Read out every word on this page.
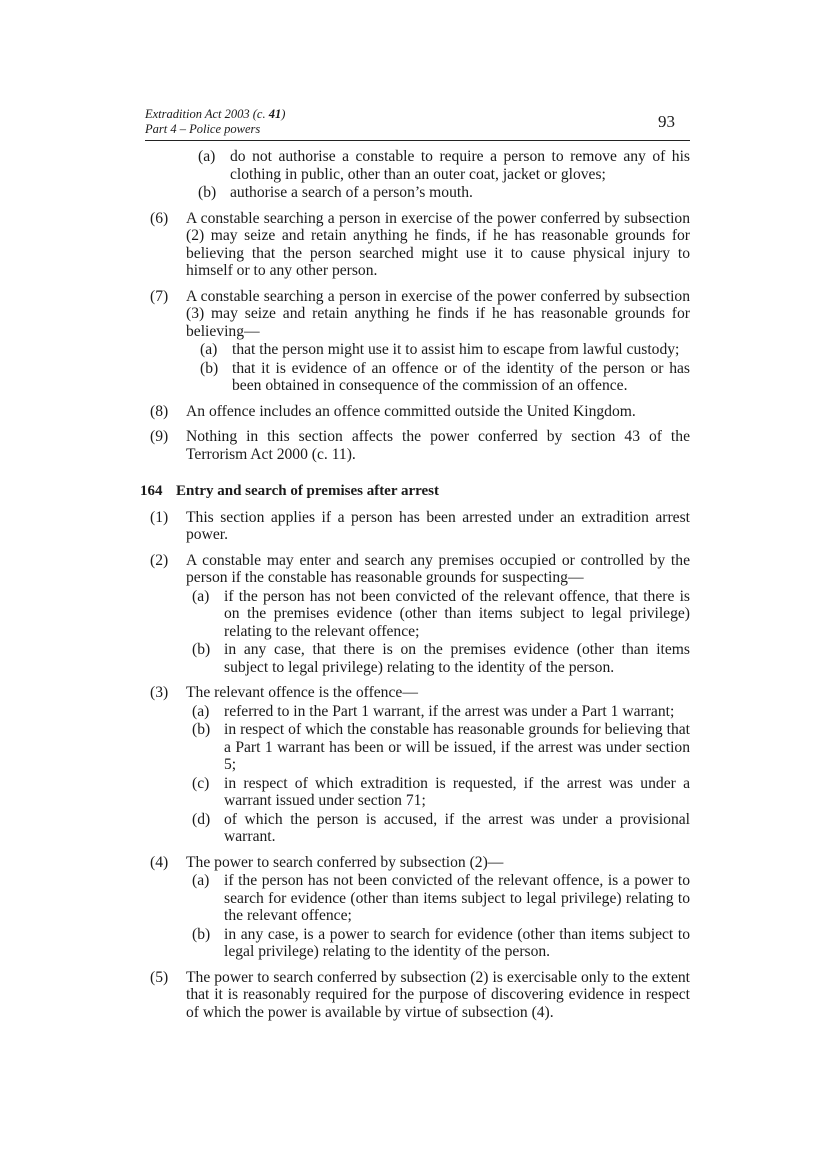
Extradition Act 2003 (c. 41)
Part 4 – Police powers	93
(a) do not authorise a constable to require a person to remove any of his clothing in public, other than an outer coat, jacket or gloves;
(b) authorise a search of a person’s mouth.
(6)	A constable searching a person in exercise of the power conferred by subsection (2) may seize and retain anything he finds, if he has reasonable grounds for believing that the person searched might use it to cause physical injury to himself or to any other person.
(7)	A constable searching a person in exercise of the power conferred by subsection (3) may seize and retain anything he finds if he has reasonable grounds for believing—
(a) that the person might use it to assist him to escape from lawful custody;
(b) that it is evidence of an offence or of the identity of the person or has been obtained in consequence of the commission of an offence.
(8)	An offence includes an offence committed outside the United Kingdom.
(9)	Nothing in this section affects the power conferred by section 43 of the Terrorism Act 2000 (c. 11).
164 Entry and search of premises after arrest
(1)	This section applies if a person has been arrested under an extradition arrest power.
(2)	A constable may enter and search any premises occupied or controlled by the person if the constable has reasonable grounds for suspecting—
(a) if the person has not been convicted of the relevant offence, that there is on the premises evidence (other than items subject to legal privilege) relating to the relevant offence;
(b) in any case, that there is on the premises evidence (other than items subject to legal privilege) relating to the identity of the person.
(3)	The relevant offence is the offence—
(a) referred to in the Part 1 warrant, if the arrest was under a Part 1 warrant;
(b) in respect of which the constable has reasonable grounds for believing that a Part 1 warrant has been or will be issued, if the arrest was under section 5;
(c) in respect of which extradition is requested, if the arrest was under a warrant issued under section 71;
(d) of which the person is accused, if the arrest was under a provisional warrant.
(4)	The power to search conferred by subsection (2)—
(a) if the person has not been convicted of the relevant offence, is a power to search for evidence (other than items subject to legal privilege) relating to the relevant offence;
(b) in any case, is a power to search for evidence (other than items subject to legal privilege) relating to the identity of the person.
(5)	The power to search conferred by subsection (2) is exercisable only to the extent that it is reasonably required for the purpose of discovering evidence in respect of which the power is available by virtue of subsection (4).
